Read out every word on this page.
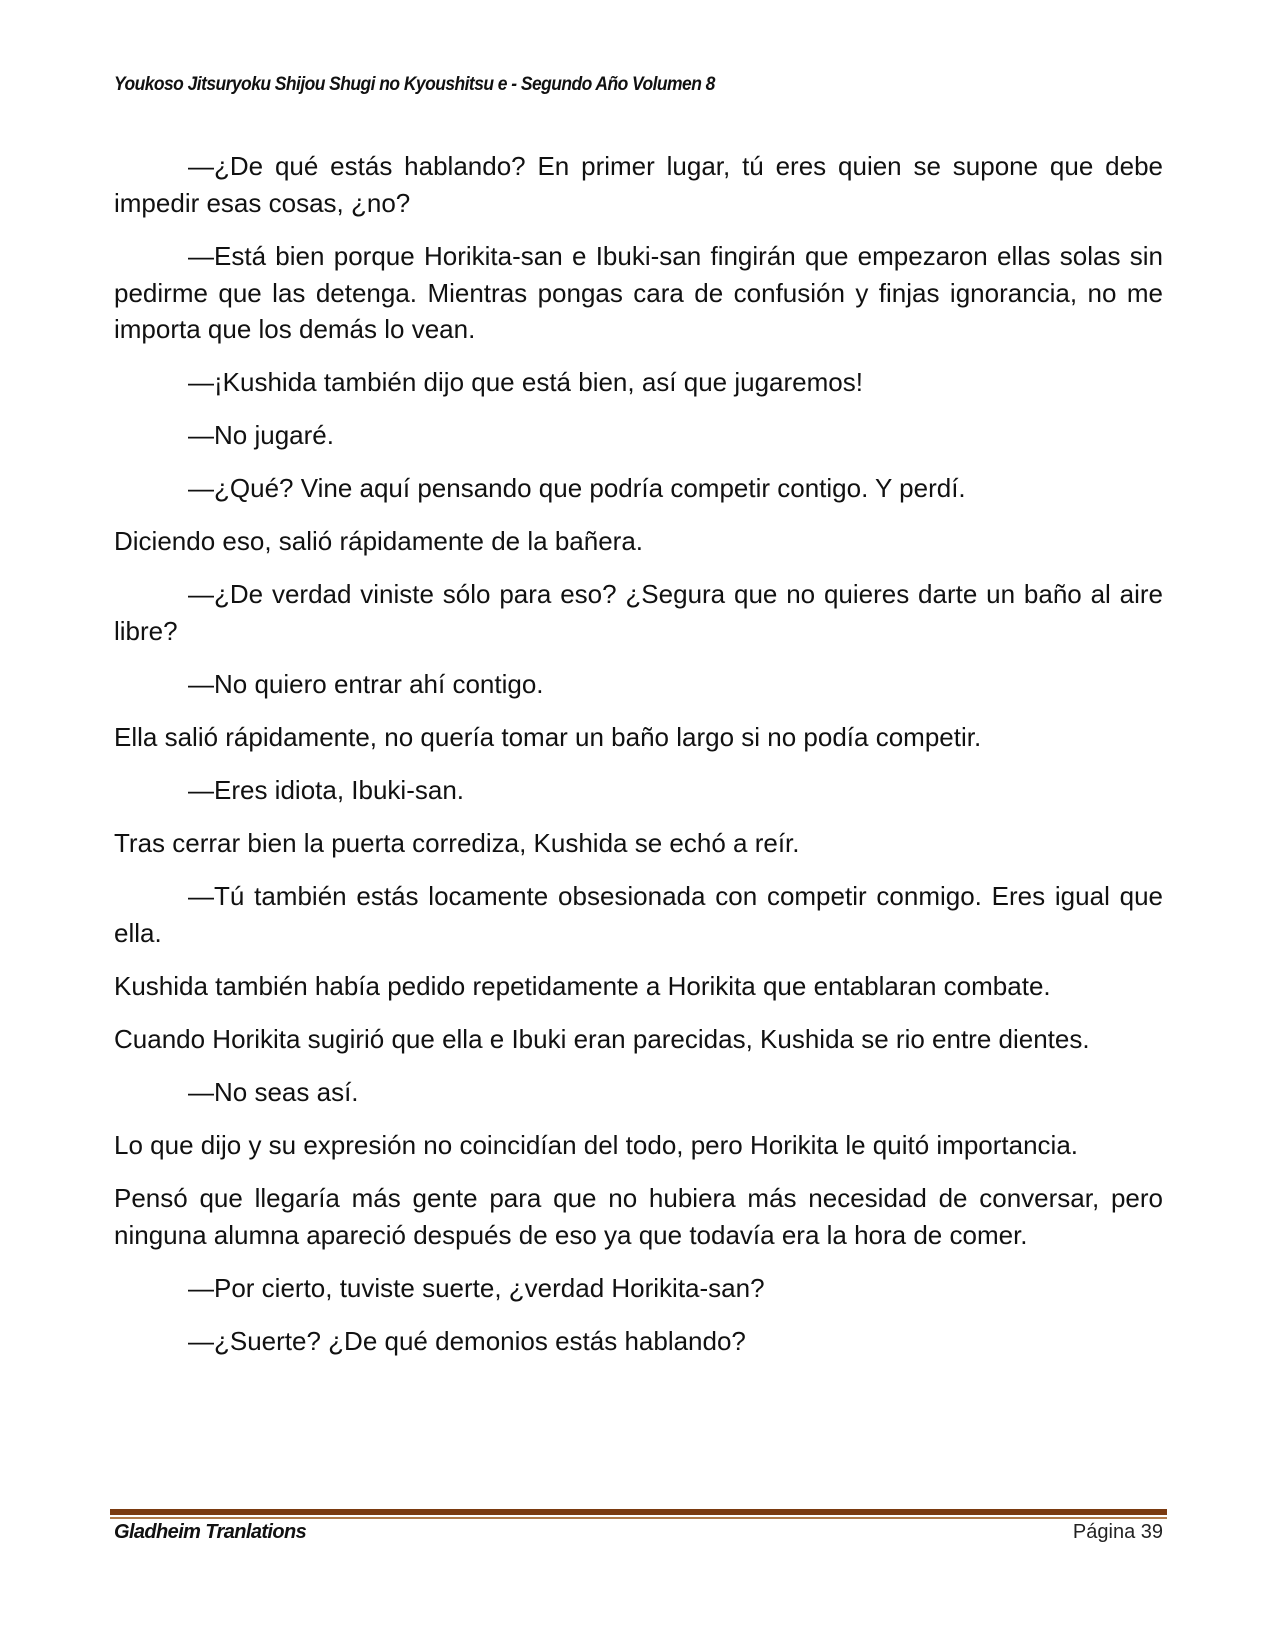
Youkoso Jitsuryoku Shijou Shugi no Kyoushitsu e - Segundo Año Volumen 8

—¿De qué estás hablando? En primer lugar, tú eres quien se supone que debe impedir esas cosas, ¿no?

—Está bien porque Horikita-san e Ibuki-san fingirán que empezaron ellas solas sin pedirme que las detenga. Mientras pongas cara de confusión y finjas ignorancia, no me importa que los demás lo vean.

—¡Kushida también dijo que está bien, así que jugaremos!

—No jugaré.

—¿Qué? Vine aquí pensando que podría competir contigo. Y perdí.

Diciendo eso, salió rápidamente de la bañera.

—¿De verdad viniste sólo para eso? ¿Segura que no quieres darte un baño al aire libre?

—No quiero entrar ahí contigo.

Ella salió rápidamente, no quería tomar un baño largo si no podía competir.

—Eres idiota, Ibuki-san.

Tras cerrar bien la puerta corrediza, Kushida se echó a reír.

—Tú también estás locamente obsesionada con competir conmigo. Eres igual que ella.

Kushida también había pedido repetidamente a Horikita que entablaran combate.

Cuando Horikita sugirió que ella e Ibuki eran parecidas, Kushida se rio entre dientes.

—No seas así.

Lo que dijo y su expresión no coincidían del todo, pero Horikita le quitó importancia.

Pensó que llegaría más gente para que no hubiera más necesidad de conversar, pero ninguna alumna apareció después de eso ya que todavía era la hora de comer.

—Por cierto, tuviste suerte, ¿verdad Horikita-san?

—¿Suerte? ¿De qué demonios estás hablando?

Gladheim Tranlations	Página 39
